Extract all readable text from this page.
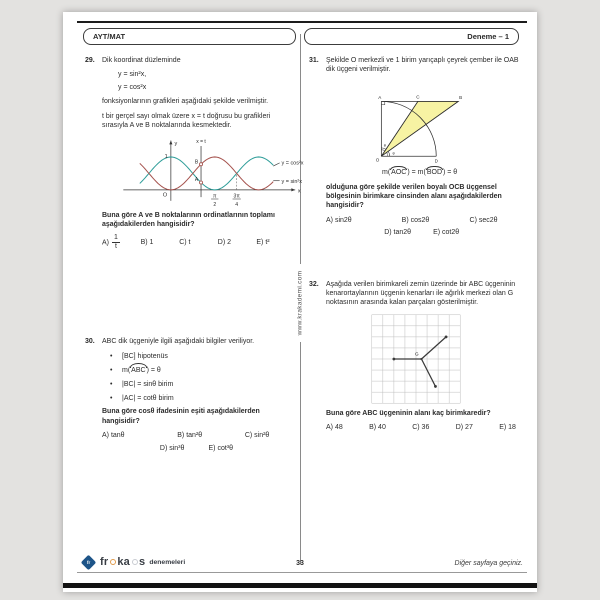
AYT/MAT	Deneme – 1
www.krakademi.com
29.	Dik koordinat düzleminde

y = sin²x,

y = cos²x

fonksiyonlarının grafikleri aşağıdaki şekilde verilmiştir.

t bir gerçel sayı olmak üzere x = t doğrusu bu grafikleri sırasıyla A ve B noktalarında kesmektedir.

x = t
y
x
1
O
A
B	y = cos²x
y = sin²x
π
2
3π
4

Buna göre A ve B noktalarının ordinatlarının toplamı aşağıdakilerden hangisidir?

$A) \frac{1}{t}$	B) 1	C) t	D) 2	E) t²
30.	ABC dik üçgeniyle ilgili aşağıdaki bilgiler veriliyor.

•	[BC] hipotenüs
•	m(ABC) = θ
•	|BC| = sinθ birim
•	|AC| = cotθ birim

Buna göre cosθ ifadesinin eşiti aşağıdakilerden hangisidir?

A) tanθ	B) tan²θ	C) sin²θ
D) sin³θ	E) cot³θ
31.	Şekilde O merkezli ve 1 birim yarıçaplı çeyrek çember ile OAB dik üçgeni verilmiştir.

A	C	B
O	D
θ
θ

m(AOC) = m(BOD) = θ

olduğuna göre şekilde verilen boyalı OCB üçgensel bölgesinin birimkare cinsinden alanı aşağıdakilerden hangisidir?

A) sin2θ	B) cos2θ	C) sec2θ
D) tan2θ	E) cot2θ
32.	Aşağıda verilen birimkareli zemin üzerinde bir ABC üçgeninin kenarortaylarının üçgenin kenarları ile ağırlık merkezi olan G noktasının arasında kalan parçaları gösterilmiştir.

G

Buna göre ABC üçgeninin alanı kaç birimkaredir?

A) 48	B) 40	C) 36	D) 27	E) 18
fr fr ka s denemeleri	33	Diğer sayfaya geçiniz.
